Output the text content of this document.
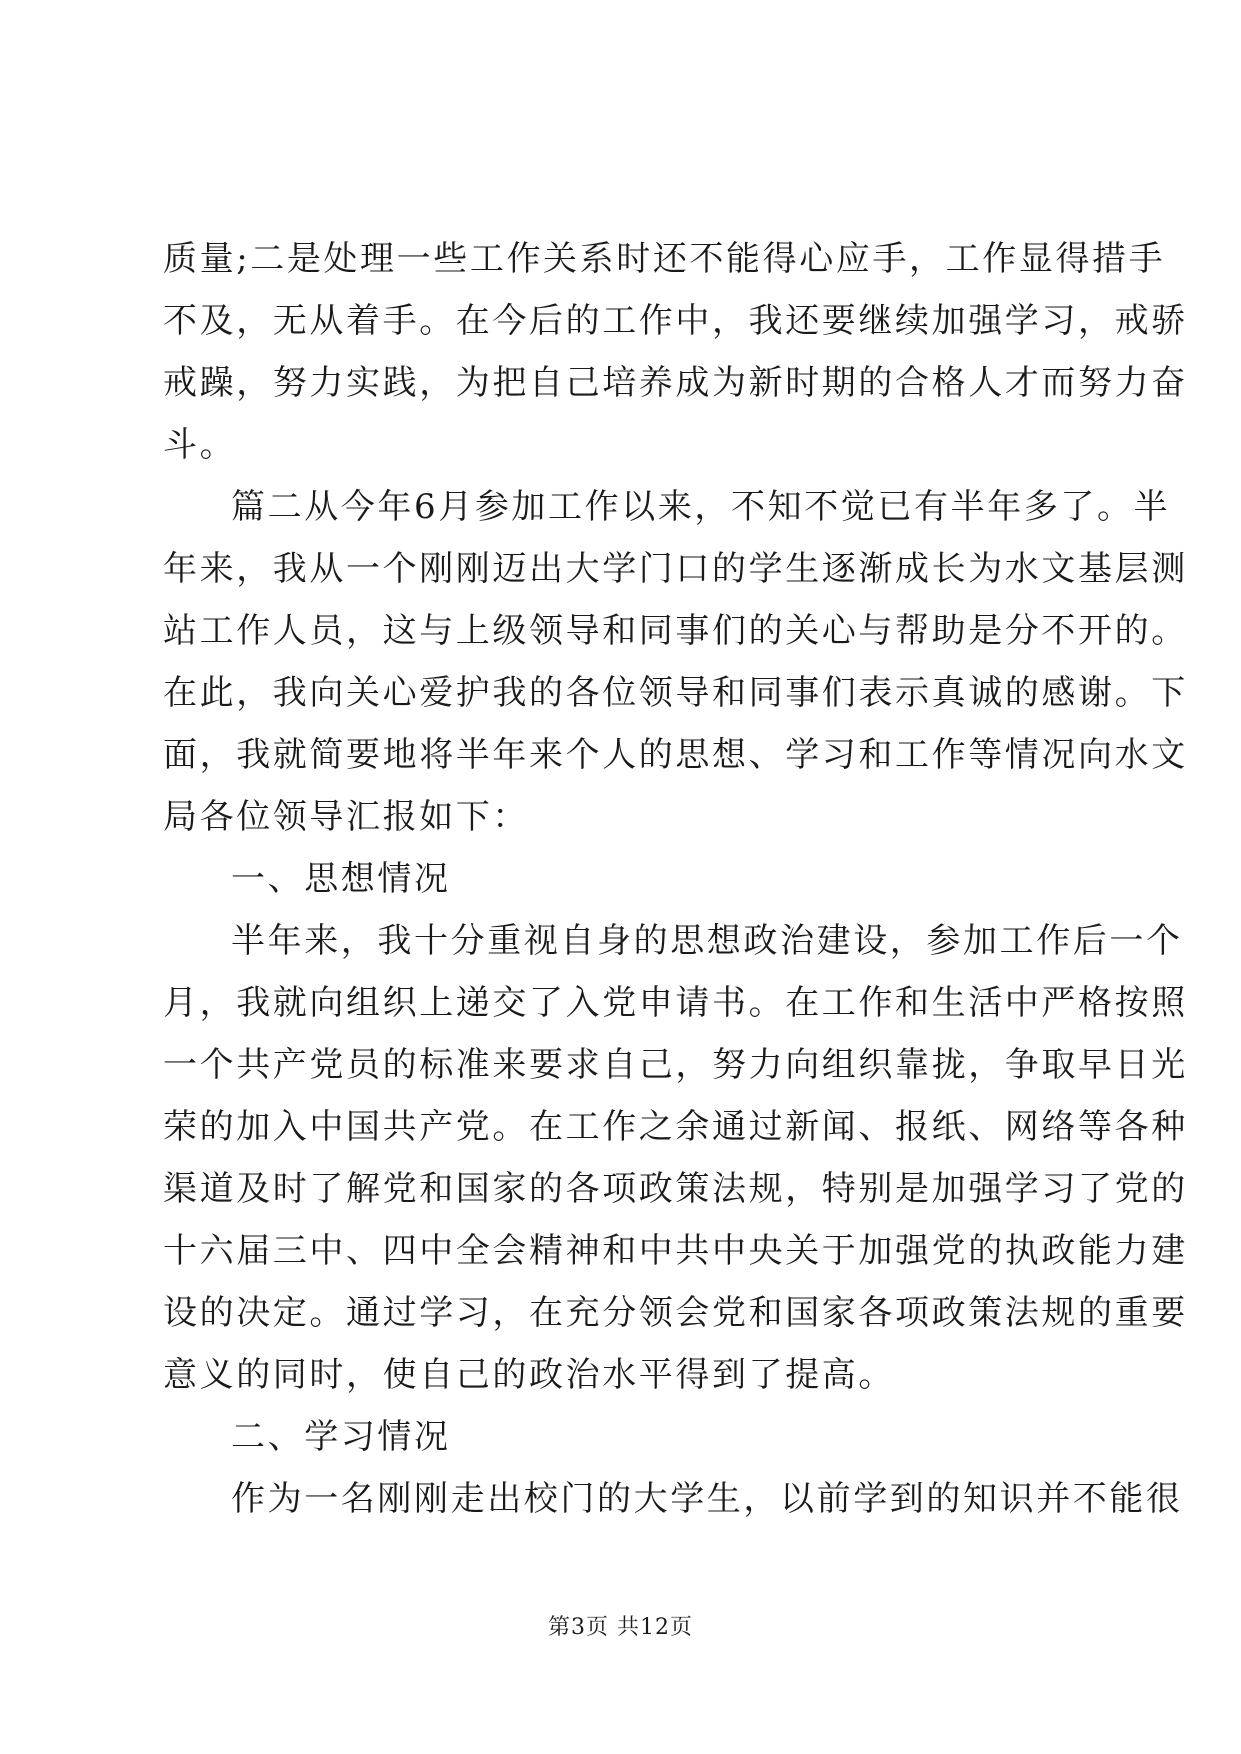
质量;二是处理一些工作关系时还不能得心应手，工作显得措手
不及，无从着手。在今后的工作中，我还要继续加强学习，戒骄
戒躁，努力实践，为把自己培养成为新时期的合格人才而努力奋
斗。
篇二从今年6月参加工作以来，不知不觉已有半年多了。半
年来，我从一个刚刚迈出大学门口的学生逐渐成长为水文基层测
站工作人员，这与上级领导和同事们的关心与帮助是分不开的。
在此，我向关心爱护我的各位领导和同事们表示真诚的感谢。下
面，我就简要地将半年来个人的思想、学习和工作等情况向水文
局各位领导汇报如下：
一、思想情况
半年来，我十分重视自身的思想政治建设，参加工作后一个
月，我就向组织上递交了入党申请书。在工作和生活中严格按照
一个共产党员的标准来要求自己，努力向组织靠拢，争取早日光
荣的加入中国共产党。在工作之余通过新闻、报纸、网络等各种
渠道及时了解党和国家的各项政策法规，特别是加强学习了党的
十六届三中、四中全会精神和中共中央关于加强党的执政能力建
设的决定。通过学习，在充分领会党和国家各项政策法规的重要
意义的同时，使自己的政治水平得到了提高。
二、学习情况
作为一名刚刚走出校门的大学生，以前学到的知识并不能很
第3页 共12页
